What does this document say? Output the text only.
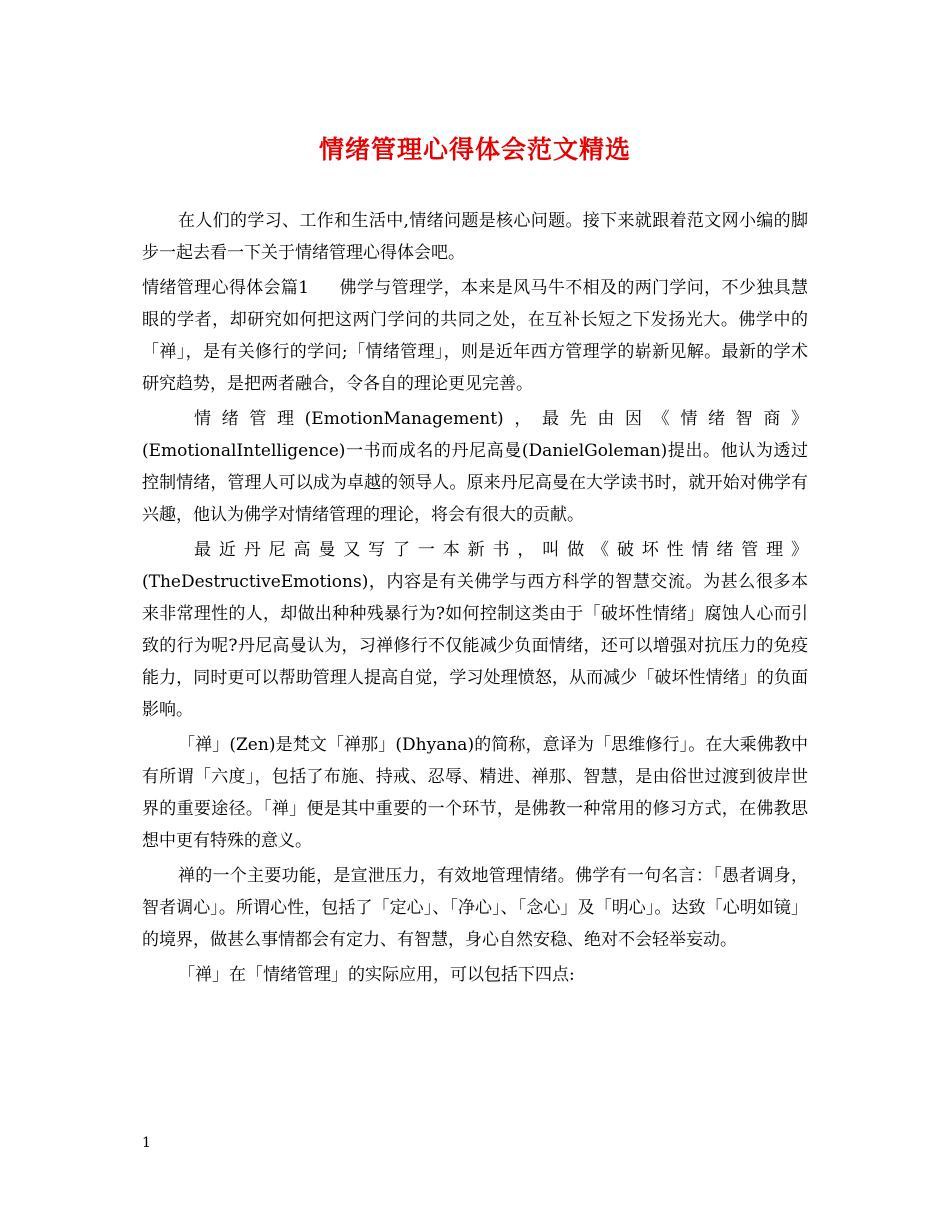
情绪管理心得体会范文精选

在人们的学习、工作和生活中,情绪问题是核心问题。接下来就跟着范文网小编的脚步一起去看一下关于情绪管理心得体会吧。

情绪管理心得体会篇1 佛学与管理学，本来是风马牛不相及的两门学问，不少独具慧眼的学者，却研究如何把这两门学问的共同之处，在互补长短之下发扬光大。佛学中的「禅」，是有关修行的学问;「情绪管理」，则是近年西方管理学的崭新见解。最新的学术研究趋势，是把两者融合，令各自的理论更见完善。

情绪管理(EmotionManagement)，最先由因《情绪智商》(EmotionalIntelligence)一书而成名的丹尼高曼(DanielGoleman)提出。他认为透过控制情绪，管理人可以成为卓越的领导人。原来丹尼高曼在大学读书时，就开始对佛学有兴趣，他认为佛学对情绪管理的理论，将会有很大的贡献。

最近丹尼高曼又写了一本新书，叫做《破坏性情绪管理》(TheDestructiveEmotions)，内容是有关佛学与西方科学的智慧交流。为甚么很多本来非常理性的人，却做出种种残暴行为?如何控制这类由于「破坏性情绪」腐蚀人心而引致的行为呢?丹尼高曼认为，习禅修行不仅能减少负面情绪，还可以增强对抗压力的免疫能力，同时更可以帮助管理人提高自觉，学习处理愤怒，从而减少「破坏性情绪」的负面影响。

「禅」(Zen)是梵文「禅那」(Dhyana)的简称，意译为「思维修行」。在大乘佛教中有所谓「六度」，包括了布施、持戒、忍辱、精进、禅那、智慧，是由俗世过渡到彼岸世界的重要途径。「禅」便是其中重要的一个环节，是佛教一种常用的修习方式，在佛教思想中更有特殊的意义。

禅的一个主要功能，是宣泄压力，有效地管理情绪。佛学有一句名言：「愚者调身，智者调心」。所谓心性，包括了「定心」、「净心」、「念心」及「明心」。达致「心明如镜」的境界，做甚么事情都会有定力、有智慧，身心自然安稳、绝对不会轻举妄动。

「禅」在「情绪管理」的实际应用，可以包括下四点:

1
